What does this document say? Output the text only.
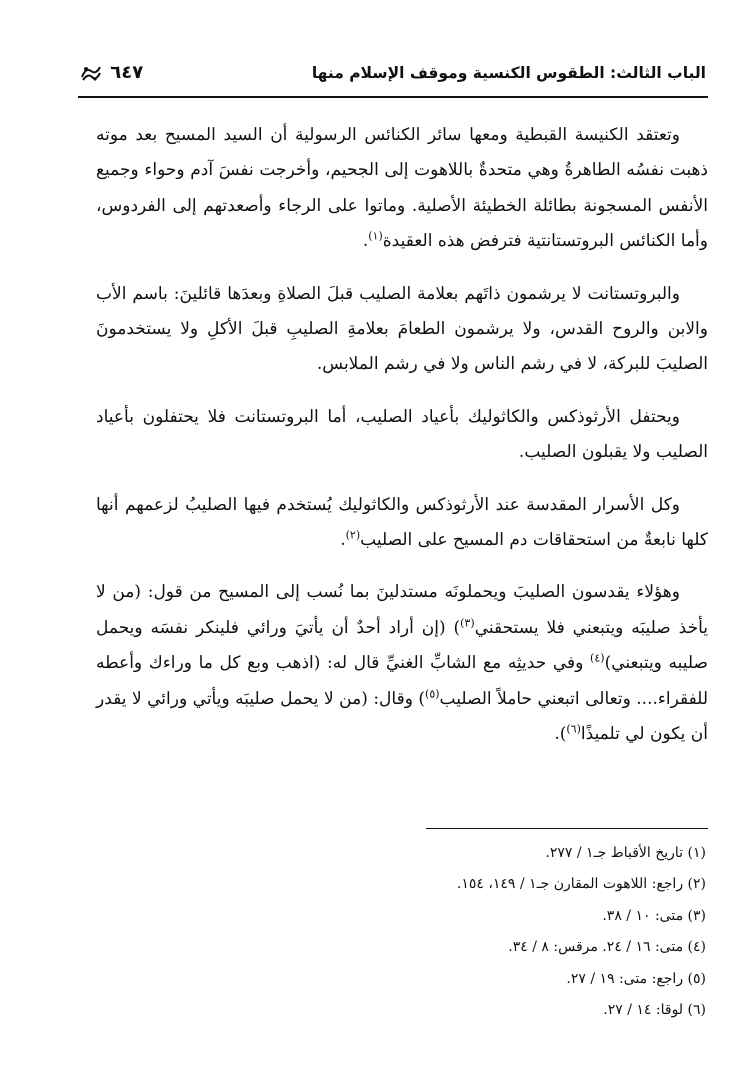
الباب الثالث: الطقوس الكنسية وموقف الإسلام منها
٦٤٧

وتعتقد الكنيسة القبطية ومعها سائر الكنائس الرسولية أن السيد المسيح بعد موته ذهبت نفسُه الطاهرةُ وهي متحدةٌ باللاهوت إلى الجحيم، وأخرجت نفسَ آدم وحواء وجميع الأنفس المسجونة بطائلة الخطيئة الأصلية. وماتوا على الرجاء وأصعدتهم إلى الفردوس، وأما الكنائس البروتستانتية فترفض هذه العقيدة$^{(١)}$.

والبروتستانت لا يرشمون ذاتَهم بعلامة الصليب قبلَ الصلاةِ وبعدَها قائلينَ: باسم الأب والابن والروح القدس، ولا يرشمون الطعامَ بعلامةِ الصليبِ قبلَ الأكلِ ولا يستخدمونَ الصليبَ للبركة، لا في رشم الناس ولا في رشم الملابس.

ويحتفل الأرثوذكس والكاثوليك بأعياد الصليب، أما البروتستانت فلا يحتفلون بأعياد الصليب ولا يقبلون الصليب.

وكل الأسرار المقدسة عند الأرثوذكس والكاثوليك يُستخدم فيها الصليبُ لزعمهم أنها كلها نابعةٌ من استحقاقات دم المسيح على الصليب$^{(٢)}$.

وهؤلاء يقدسون الصليبَ ويحملونَه مستدلينَ بما نُسب إلى المسيح من قول: (من لا يأخذ صليبَه ويتبعني فلا يستحقني$^{(٣)}$) (إن أراد أحدٌ أن يأتيَ ورائي فلينكر نفسَه ويحمل صليبه ويتبعني)$^{(٤)}$ وفي حديثِه مع الشابِّ الغنيِّ قال له: (اذهب وبع كل ما وراءك وأعطه للفقراء.... وتعالى اتبعني حاملاً الصليب$^{(٥)}$) وقال: (من لا يحمل صليبَه ويأتي ورائي لا يقدر أن يكون لي تلميذًا$^{(٦)}$).

(١) تاريخ الأقباط جـ١ / ٢٧٧.

(٢) راجع: اللاهوت المقارن جـ١ / ١٤٩، ١٥٤.

(٣) متى: ١٠ / ٣٨.

(٤) متى: ١٦ / ٢٤. مرقس: ٨ / ٣٤.

(٥) راجع: متى: ١٩ / ٢٧.

(٦) لوقا: ١٤ / ٢٧.
